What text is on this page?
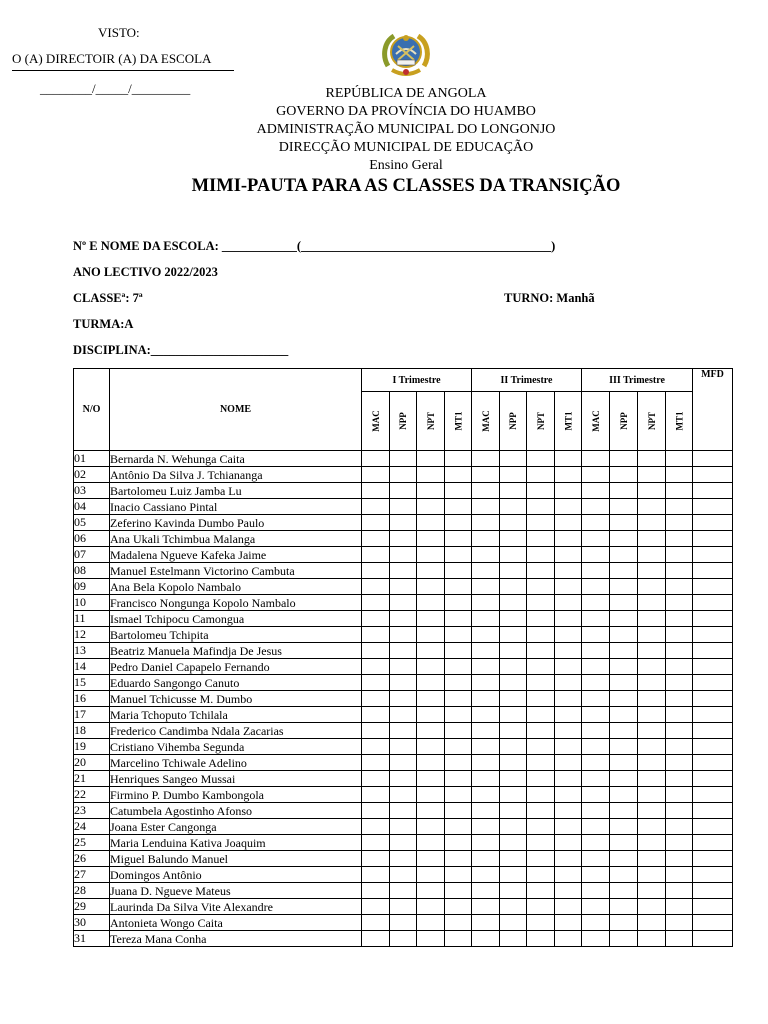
VISTO:
O (A) DIRECTOIR (A) DA ESCOLA
________/_____/_________	REPÚBLICA DE ANGOLA
GOVERNO DA PROVÍNCIA DO HUAMBO
ADMINISTRAÇÃO MUNICIPAL DO LONGONJO
DIRECÇÃO MUNICIPAL DE EDUCAÇÃO
Ensino Geral
MIMI-PAUTA PARA AS CLASSES DA TRANSIÇÃO
Nº E NOME DA ESCOLA: ____________(________________________________________)
ANO LECTIVO 2022/2023
CLASSEª: 7ª	TURNO: Manhã
TURMA:A
DISCIPLINA:______________________
N/O	NOME	I Trimestre				II Trimestre				III Trimestre				MFD
		MAC	NPP	NPT	MT1	MAC	NPP	NPT	MT1	MAC	NPP	NPT	MT1	
01	Bernarda N. Wehunga Caita													
02	Antônio Da Silva J. Tchiananga													
03	Bartolomeu Luiz Jamba Lu													
04	Inacio Cassiano Pintal													
05	Zeferino Kavinda Dumbo Paulo													
06	Ana Ukali Tchimbua Malanga													
07	Madalena Ngueve Kafeka Jaime													
08	Manuel Estelmann Victorino Cambuta													
09	Ana Bela Kopolo Nambalo													
10	Francisco Nongunga Kopolo Nambalo													
11	Ismael Tchipocu Camongua													
12	Bartolomeu Tchipita													
13	Beatriz Manuela Mafindja De Jesus													
14	Pedro Daniel Capapelo Fernando													
15	Eduardo Sangongo Canuto													
16	Manuel Tchicusse M. Dumbo													
17	Maria Tchoputo Tchilala													
18	Frederico Candimba Ndala Zacarias													
19	Cristiano Vihemba Segunda													
20	Marcelino Tchiwale Adelino													
21	Henriques Sangeo Mussai													
22	Firmino P. Dumbo Kambongola													
23	Catumbela Agostinho Afonso													
24	Joana Ester Cangonga													
25	Maria Lenduina Kativa Joaquim													
26	Miguel Balundo Manuel													
27	Domingos Antônio													
28	Juana D. Ngueve Mateus													
29	Laurinda Da Silva Vite Alexandre													
30	Antonieta Wongo Caita													
31	Tereza Mana Conha													
